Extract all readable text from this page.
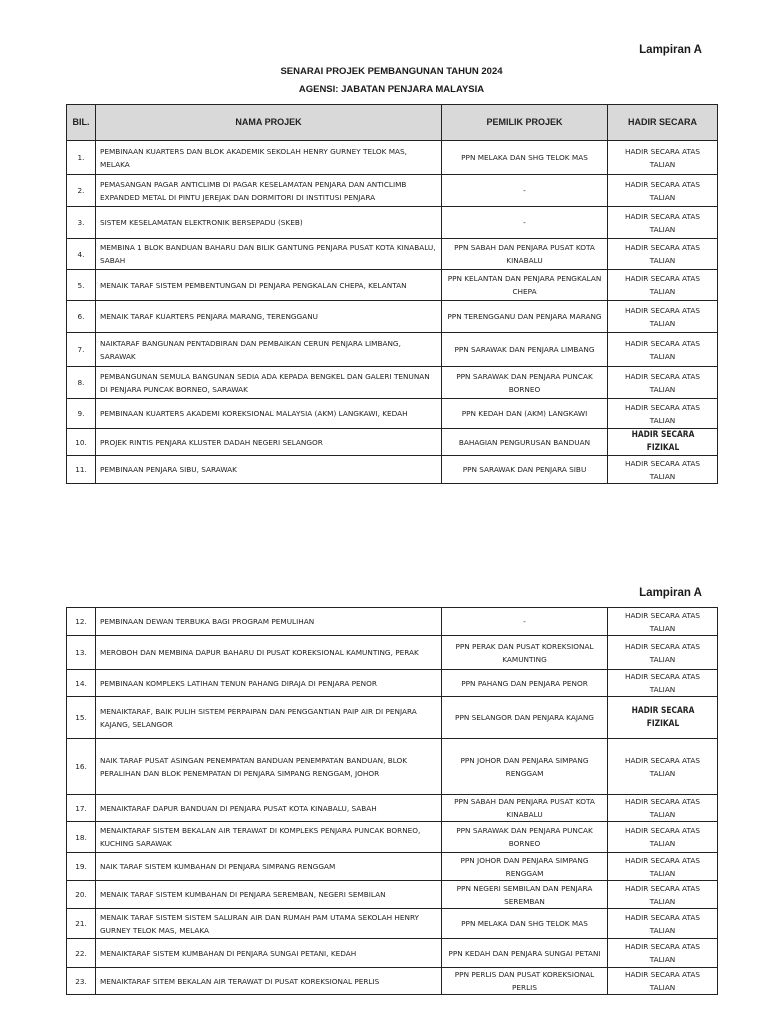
Lampiran A
SENARAI PROJEK PEMBANGUNAN TAHUN 2024
AGENSI: JABATAN PENJARA MALAYSIA
BIL.	NAMA PROJEK	PEMILIK PROJEK	HADIR SECARA
1.	PEMBINAAN KUARTERS DAN BLOK AKADEMIK SEKOLAH HENRY GURNEY TELOK MAS, MELAKA	PPN MELAKA DAN SHG TELOK MAS	HADIR SECARA ATAS TALIAN
2.	PEMASANGAN PAGAR ANTICLIMB DI PAGAR KESELAMATAN PENJARA DAN ANTICLIMB EXPANDED METAL DI PINTU JEREJAK DAN DORMITORI DI INSTITUSI PENJARA	-	HADIR SECARA ATAS TALIAN
3.	SISTEM KESELAMATAN ELEKTRONIK BERSEPADU (SKEB)	-	HADIR SECARA ATAS TALIAN
4.	MEMBINA 1 BLOK BANDUAN BAHARU DAN BILIK GANTUNG PENJARA PUSAT KOTA KINABALU, SABAH	PPN SABAH DAN PENJARA PUSAT KOTA KINABALU	HADIR SECARA ATAS TALIAN
5.	MENAIK TARAF SISTEM PEMBENTUNGAN DI PENJARA PENGKALAN CHEPA, KELANTAN	PPN KELANTAN DAN PENJARA PENGKALAN CHEPA	HADIR SECARA ATAS TALIAN
6.	MENAIK TARAF KUARTERS PENJARA MARANG, TERENGGANU	PPN TERENGGANU DAN PENJARA MARANG	HADIR SECARA ATAS TALIAN
7.	NAIKTARAF BANGUNAN PENTADBIRAN DAN PEMBAIKAN CERUN PENJARA LIMBANG, SARAWAK	PPN SARAWAK DAN PENJARA LIMBANG	HADIR SECARA ATAS TALIAN
8.	PEMBANGUNAN SEMULA BANGUNAN SEDIA ADA KEPADA BENGKEL DAN GALERI TENUNAN DI PENJARA PUNCAK BORNEO, SARAWAK	PPN SARAWAK DAN PENJARA PUNCAK BORNEO	HADIR SECARA ATAS TALIAN
9.	PEMBINAAN KUARTERS AKADEMI KOREKSIONAL MALAYSIA (AKM) LANGKAWI, KEDAH	PPN KEDAH DAN (AKM) LANGKAWI	HADIR SECARA ATAS TALIAN
10.	PROJEK RINTIS PENJARA KLUSTER DADAH NEGERI SELANGOR	BAHAGIAN PENGURUSAN BANDUAN	HADIR SECARA FIZIKAL
11.	PEMBINAAN PENJARA SIBU, SARAWAK	PPN SARAWAK DAN PENJARA SIBU	HADIR SECARA ATAS TALIAN
Lampiran A
12.	PEMBINAAN DEWAN TERBUKA BAGI PROGRAM PEMULIHAN	-	HADIR SECARA ATAS TALIAN
13.	MEROBOH DAN MEMBINA DAPUR BAHARU DI PUSAT KOREKSIONAL KAMUNTING, PERAK	PPN PERAK DAN PUSAT KOREKSIONAL KAMUNTING	HADIR SECARA ATAS TALIAN
14.	PEMBINAAN KOMPLEKS LATIHAN TENUN PAHANG DIRAJA DI PENJARA PENOR	PPN PAHANG DAN PENJARA PENOR	HADIR SECARA ATAS TALIAN
15.	MENAIKTARAF, BAIK PULIH SISTEM PERPAIPAN DAN PENGGANTIAN PAIP AIR DI PENJARA KAJANG, SELANGOR	PPN SELANGOR DAN PENJARA KAJANG	HADIR SECARA FIZIKAL
16.	NAIK TARAF PUSAT ASINGAN PENEMPATAN BANDUAN PENEMPATAN BANDUAN, BLOK PERALIHAN DAN BLOK PENEMPATAN DI PENJARA SIMPANG RENGGAM, JOHOR	PPN JOHOR DAN PENJARA SIMPANG RENGGAM	HADIR SECARA ATAS TALIAN
17.	MENAIKTARAF DAPUR BANDUAN DI PENJARA PUSAT KOTA KINABALU, SABAH	PPN SABAH DAN PENJARA PUSAT KOTA KINABALU	HADIR SECARA ATAS TALIAN
18.	MENAIKTARAF SISTEM BEKALAN AIR TERAWAT DI KOMPLEKS PENJARA PUNCAK BORNEO, KUCHING SARAWAK	PPN SARAWAK DAN PENJARA PUNCAK BORNEO	HADIR SECARA ATAS TALIAN
19.	NAIK TARAF SISTEM KUMBAHAN DI PENJARA SIMPANG RENGGAM	PPN JOHOR DAN PENJARA SIMPANG RENGGAM	HADIR SECARA ATAS TALIAN
20.	MENAIK TARAF SISTEM KUMBAHAN DI PENJARA SEREMBAN, NEGERI SEMBILAN	PPN NEGERI SEMBILAN DAN PENJARA SEREMBAN	HADIR SECARA ATAS TALIAN
21.	MENAIK TARAF SISTEM SISTEM SALURAN AIR DAN RUMAH PAM UTAMA SEKOLAH HENRY GURNEY TELOK MAS, MELAKA	PPN MELAKA DAN SHG TELOK MAS	HADIR SECARA ATAS TALIAN
22.	MENAIKTARAF SISTEM KUMBAHAN DI PENJARA SUNGAI PETANI, KEDAH	PPN KEDAH DAN PENJARA SUNGAI PETANI	HADIR SECARA ATAS TALIAN
23.	MENAIKTARAF SITEM BEKALAN AIR TERAWAT DI PUSAT KOREKSIONAL PERLIS	PPN PERLIS DAN PUSAT KOREKSIONAL PERLIS	HADIR SECARA ATAS TALIAN
